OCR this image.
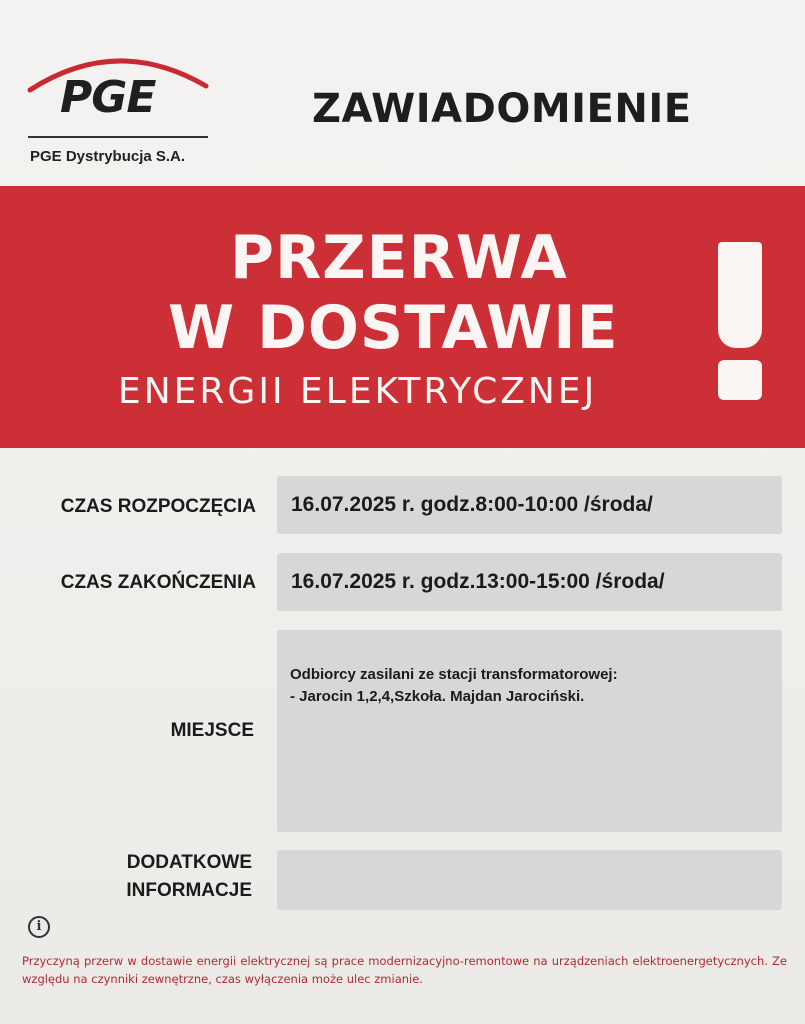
PGE
PGE Dystrybucja S.A.
ZAWIADOMIENIE
PRZERWA
W DOSTAWIE
ENERGII ELEKTRYCZNEJ
CZAS ROZPOCZĘCIA 16.07.2025 r. godz.8:00-10:00 /środa/
CZAS ZAKOŃCZENIA 16.07.2025 r. godz.13:00-15:00 /środa/
MIEJSCE
Odbiorcy zasilani ze stacji transformatorowej:
- Jarocin 1,2,4,Szkoła. Majdan Jarociński.
DODATKOWE
INFORMACJE
i
Przyczyną przerw w dostawie energii elektrycznej są prace modernizacyjno-remontowe na urządzeniach elektroenergetycznych. Ze względu na czynniki zewnętrzne, czas wyłączenia może ulec zmianie.
